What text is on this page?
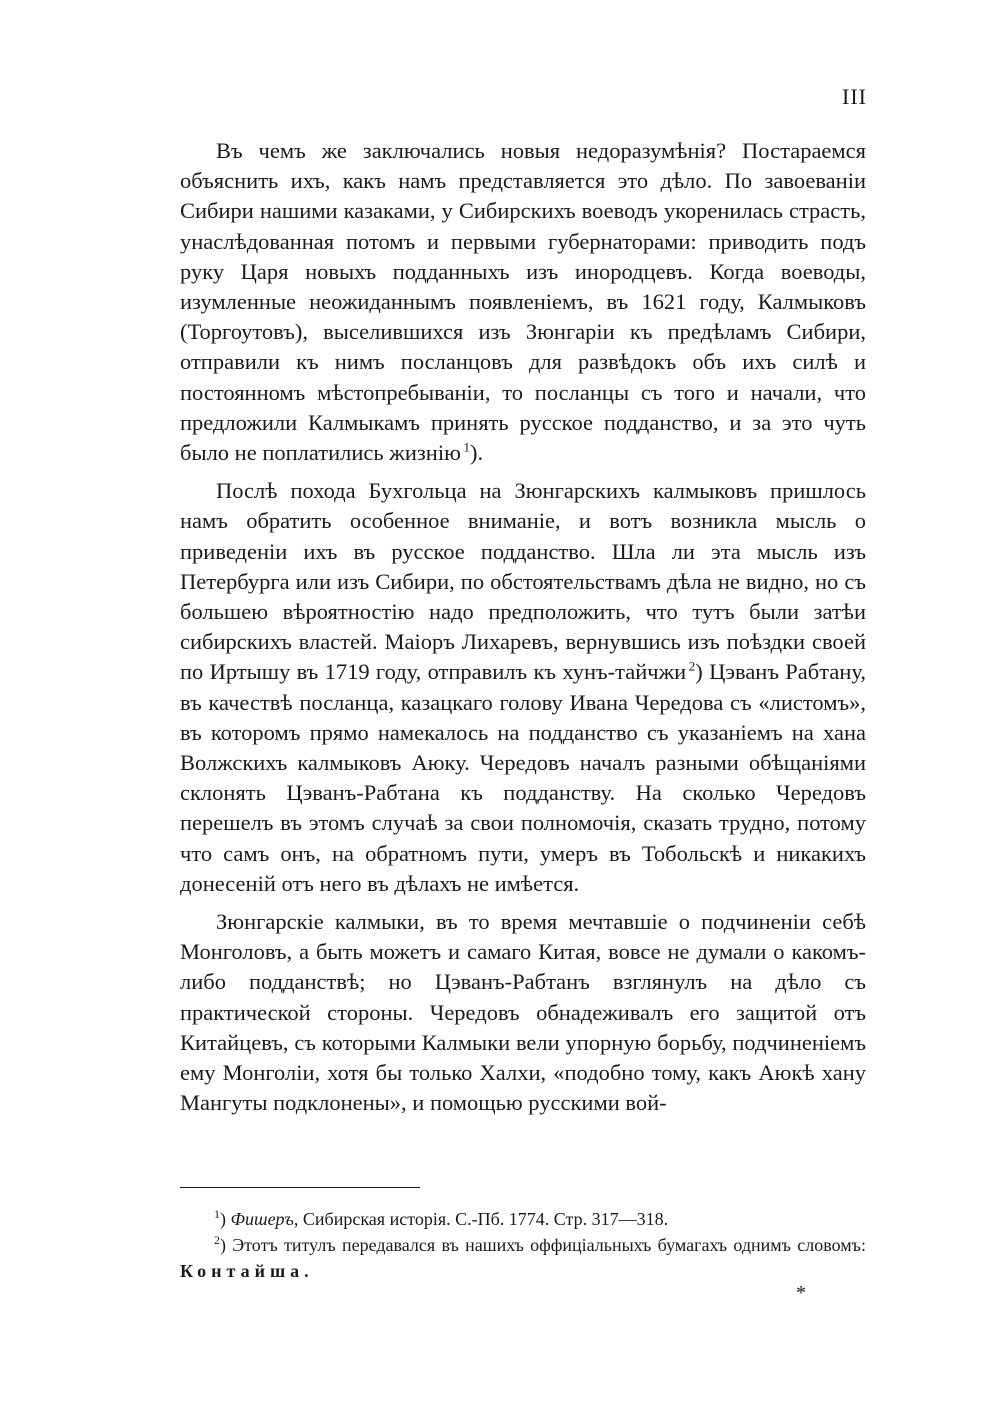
III

Въ чемъ же заключались новыя недоразумѣнія? Постараемся объяснить ихъ, какъ намъ представляется это дѣло. По завоеваніи Сибири нашими казаками, у Сибирскихъ воеводъ укоренилась страсть, унаслѣдованная потомъ и первыми губернаторами: приводить подъ руку Царя новыхъ подданныхъ изъ инородцевъ. Когда воеводы, изумленные неожиданнымъ появленіемъ, въ 1621 году, Калмыковъ (Торгоутовъ), выселившихся изъ Зюнгаріи къ предѣламъ Сибири, отправили къ нимъ посланцовъ для развѣдокъ объ ихъ силѣ и постоянномъ мѣстопребываніи, то посланцы съ того и начали, что предложили Калмыкамъ принять русское подданство, и за это чуть было не поплатились жизнію  $^1$).

Послѣ похода Бухгольца на Зюнгарскихъ калмыковъ пришлось намъ обратить особенное вниманіе, и вотъ возникла мысль о приведеніи ихъ въ русское подданство. Шла ли эта мысль изъ Петербурга или изъ Сибири, по обстоятельствамъ дѣла не видно, но съ большею вѣроятностію надо предположить, что тутъ были затѣи сибирскихъ властей. Маіоръ Лихаревъ, вернувшись изъ поѣздки своей по Иртышу въ 1719 году, отправилъ къ хунъ-тайчжи  $^2$) Цэванъ Рабтану, въ качествѣ посланца, казацкаго голову Ивана Чередова съ «листомъ», въ которомъ прямо намекалось на подданство съ указаніемъ на хана Волжскихъ калмыковъ Аюку. Чередовъ началъ разными обѣщаніями склонять Цэванъ-Рабтана къ подданству. На сколько Чередовъ перешелъ въ этомъ случаѣ за свои полномочія, сказать трудно, потому что самъ онъ, на обратномъ пути, умеръ въ Тобольскѣ и никакихъ донесеній отъ него въ дѣлахъ не имѣется.

Зюнгарскіе калмыки, въ то время мечтавшіе о подчиненіи себѣ Монголовъ, а быть можетъ и самаго Китая, вовсе не думали о какомъ-либо подданствѣ; но Цэванъ-Рабтанъ взглянулъ на дѣло съ практической стороны. Чередовъ обнадеживалъ его защитой отъ Китайцевъ, съ которыми Калмыки вели упорную борьбу, подчиненіемъ ему Монголіи, хотя бы только Халхи, «подобно тому, какъ Аюкѣ хану Мангуты подклонены», и помощью русскими вой-

$^1$) Фишеръ, Сибирская исторія. С.-Пб. 1774. Стр. 317—318.

$^2$) Этотъ титулъ передавался въ нашихъ оффиціальныхъ бумагахъ однимъ словомъ: Контайша.

*
